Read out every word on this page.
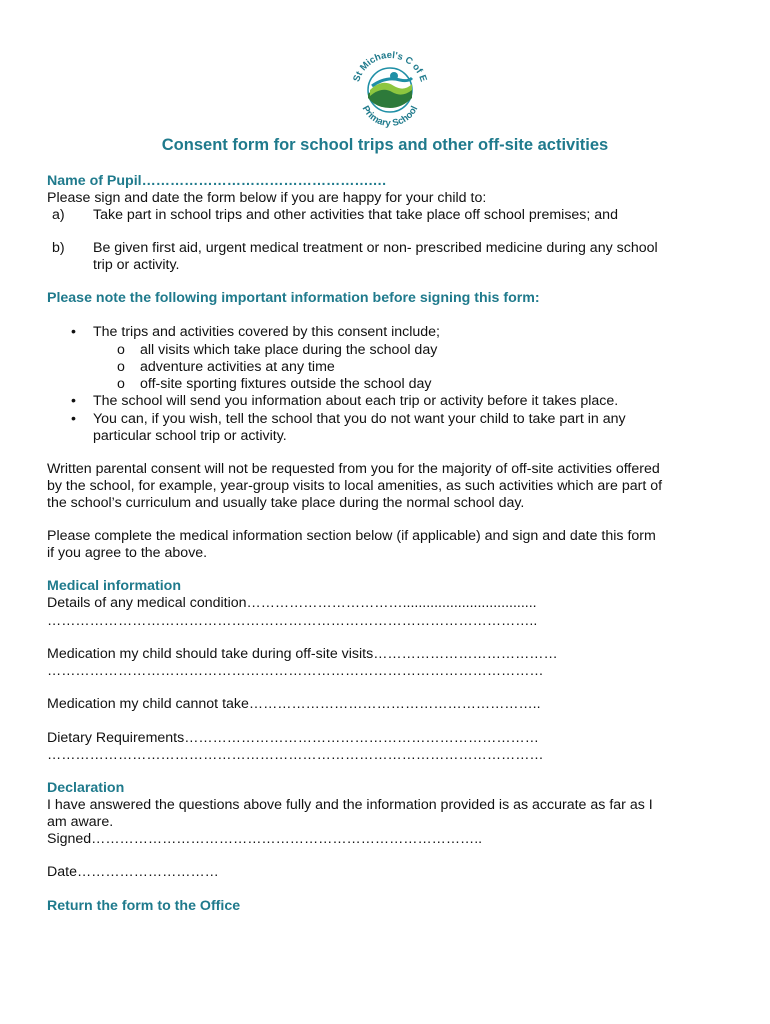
St Michael's C of E
Primary School
Consent form for school trips and other off-site activities
Name of Pupil………………………………………….…
Please sign and date the form below if you are happy for your child to:
a) Take part in school trips and other activities that take place off school premises; and
b) Be given first aid, urgent medical treatment or non- prescribed medicine during any school
trip or activity.
Please note the following important information before signing this form:
• The trips and activities covered by this consent include;
o all visits which take place during the school day
o adventure activities at any time
o off-site sporting fixtures outside the school day
• The school will send you information about each trip or activity before it takes place.
• You can, if you wish, tell the school that you do not want your child to take part in any
particular school trip or activity.
Written parental consent will not be requested from you for the majority of off-site activities offered
by the school, for example, year-group visits to local amenities, as such activities which are part of
the school’s curriculum and usually take place during the normal school day.
Please complete the medical information section below (if applicable) and sign and date this form
if you agree to the above.
Medical information
Details of any medical condition……………………………..................................
…………………………………………………………………………………………..
Medication my child should take during off-site visits…………………………………
……………………………………………………………………………………………
Medication my child cannot take……………………………………………………..
Dietary Requirements…………………………………………………………………
……………………………………………………………………………………………
Declaration
I have answered the questions above fully and the information provided is as accurate as far as I
am aware.
Signed………………………………………………………………………..
Date…………………………
Return the form to the Office
